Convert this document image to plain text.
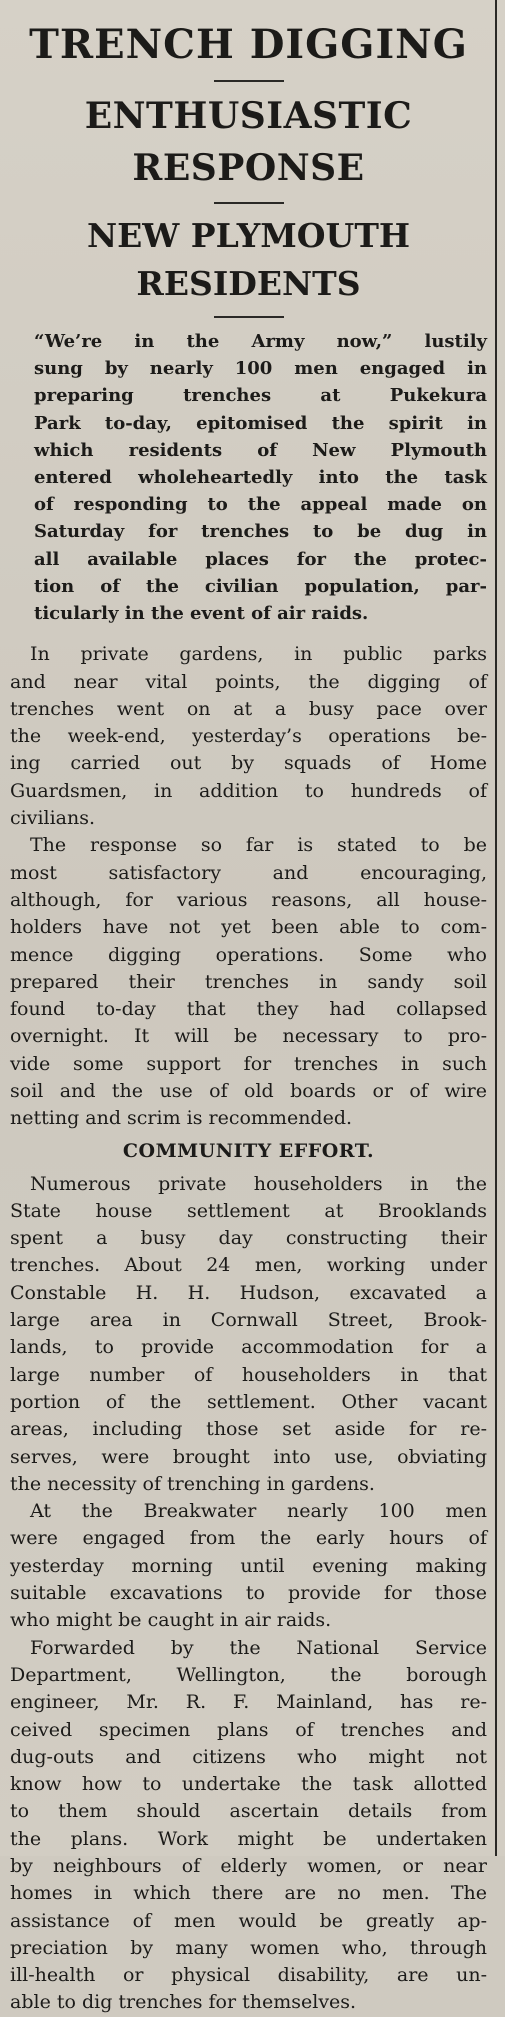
TRENCH DIGGING
ENTHUSIASTIC RESPONSE
NEW PLYMOUTH RESIDENTS

“We’re in the Army now,” lustily
sung by nearly 100 men engaged in
preparing trenches at Pukekura
Park to-day, epitomised the spirit in
which residents of New Plymouth
entered wholeheartedly into the task
of responding to the appeal made on
Saturday for trenches to be dug in
all available places for the protec-
tion of the civilian population, par-
ticularly in the event of air raids.

In private gardens, in public parks
and near vital points, the digging of
trenches went on at a busy pace over
the week-end, yesterday’s operations be-
ing carried out by squads of Home
Guardsmen, in addition to hundreds of
civilians.

The response so far is stated to be
most satisfactory and encouraging,
although, for various reasons, all house-
holders have not yet been able to com-
mence digging operations. Some who
prepared their trenches in sandy soil
found to-day that they had collapsed
overnight. It will be necessary to pro-
vide some support for trenches in such
soil and the use of old boards or of wire
netting and scrim is recommended.

COMMUNITY EFFORT.

Numerous private householders in the
State house settlement at Brooklands
spent a busy day constructing their
trenches. About 24 men, working under
Constable H. H. Hudson, excavated a
large area in Cornwall Street, Brook-
lands, to provide accommodation for a
large number of householders in that
portion of the settlement. Other vacant
areas, including those set aside for re-
serves, were brought into use, obviating
the necessity of trenching in gardens.

At the Breakwater nearly 100 men
were engaged from the early hours of
yesterday morning until evening making
suitable excavations to provide for those
who might be caught in air raids.

Forwarded by the National Service
Department, Wellington, the borough
engineer, Mr. R. F. Mainland, has re-
ceived specimen plans of trenches and
dug-outs and citizens who might not
know how to undertake the task allotted
to them should ascertain details from
the plans. Work might be undertaken
by neighbours of elderly women, or near
homes in which there are no men. The
assistance of men would be greatly ap-
preciation by many women who, through
ill-health or physical disability, are un-
able to dig trenches for themselves.
